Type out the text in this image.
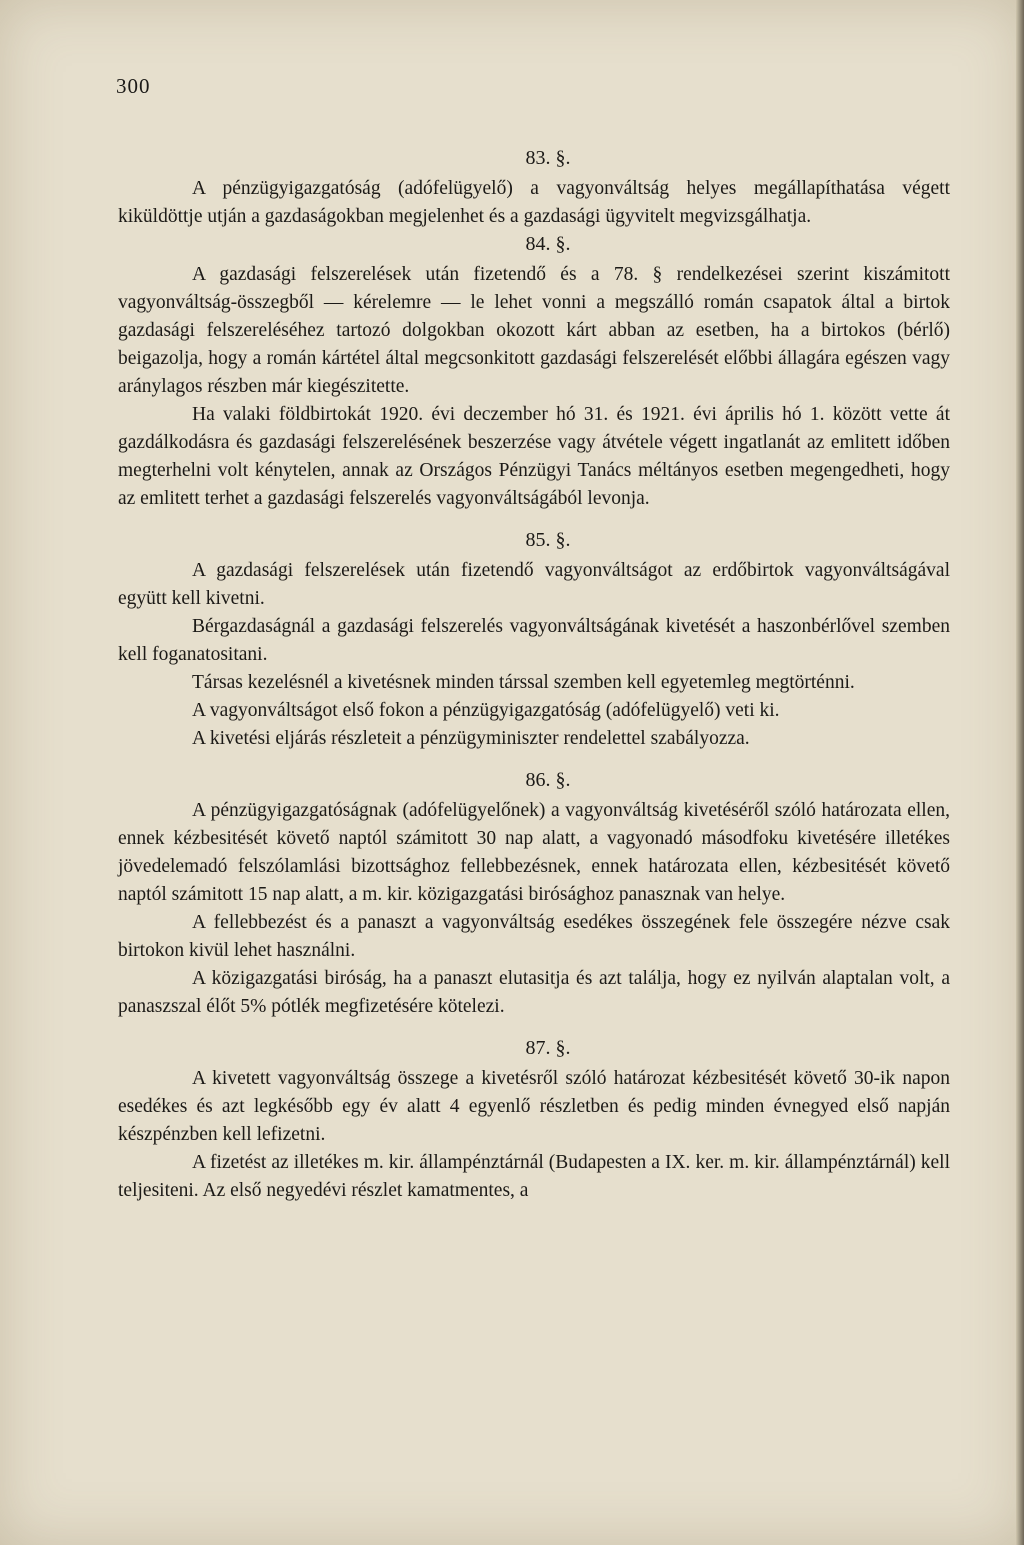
300
83. §.

A pénzügyigazgatóság (adófelügyelő) a vagyonváltság helyes megállapíthatása végett kiküldöttje utján a gazdaságokban megjelenhet és a gazdasági ügyvitelt megvizsgálhatja.

84. §.

A gazdasági felszerelések után fizetendő és a 78. § rendelkezései szerint kiszámitott vagyonváltság-összegből — kérelemre — le lehet vonni a megszálló román csapatok által a birtok gazdasági felszereléséhez tartozó dolgokban okozott kárt abban az esetben, ha a birtokos (bérlő) beigazolja, hogy a román kártétel által megcsonkitott gazdasági felszerelését előbbi állagára egészen vagy aránylagos részben már kiegészitette.

Ha valaki földbirtokát 1920. évi deczember hó 31. és 1921. évi április hó 1. között vette át gazdálkodásra és gazdasági felszerelésének beszerzése vagy átvétele végett ingatlanát az emlitett időben megterhelni volt kénytelen, annak az Országos Pénzügyi Tanács méltányos esetben megengedheti, hogy az emlitett terhet a gazdasági felszerelés vagyonváltságából levonja.

85. §.

A gazdasági felszerelések után fizetendő vagyonváltságot az erdőbirtok vagyonváltságával együtt kell kivetni.

Bérgazdaságnál a gazdasági felszerelés vagyonváltságának kivetését a haszonbérlővel szemben kell foganatositani.

Társas kezelésnél a kivetésnek minden társsal szemben kell egyetemleg megtörténni.

A vagyonváltságot első fokon a pénzügyigazgatóság (adófelügyelő) veti ki.

A kivetési eljárás részleteit a pénzügyminiszter rendelettel szabályozza.

86. §.

A pénzügyigazgatóságnak (adófelügyelőnek) a vagyonváltság kivetéséről szóló határozata ellen, ennek kézbesitését követő naptól számitott 30 nap alatt, a vagyonadó másodfoku kivetésére illetékes jövedelemadó felszólamlási bizottsághoz fellebbezésnek, ennek határozata ellen, kézbesitését követő naptól számitott 15 nap alatt, a m. kir. közigazgatási birósághoz panasznak van helye.

A fellebbezést és a panaszt a vagyonváltság esedékes összegének fele összegére nézve csak birtokon kivül lehet használni.

A közigazgatási biróság, ha a panaszt elutasitja és azt találja, hogy ez nyilván alaptalan volt, a panaszszal élőt 5% pótlék megfizetésére kötelezi.

87. §.

A kivetett vagyonváltság összege a kivetésről szóló határozat kézbesitését követő 30-ik napon esedékes és azt legkésőbb egy év alatt 4 egyenlő részletben és pedig minden évnegyed első napján készpénzben kell lefizetni.

A fizetést az illetékes m. kir. állampénztárnál (Budapesten a IX. ker. m. kir. állampénztárnál) kell teljesiteni. Az első negyedévi részlet kamatmentes, a
